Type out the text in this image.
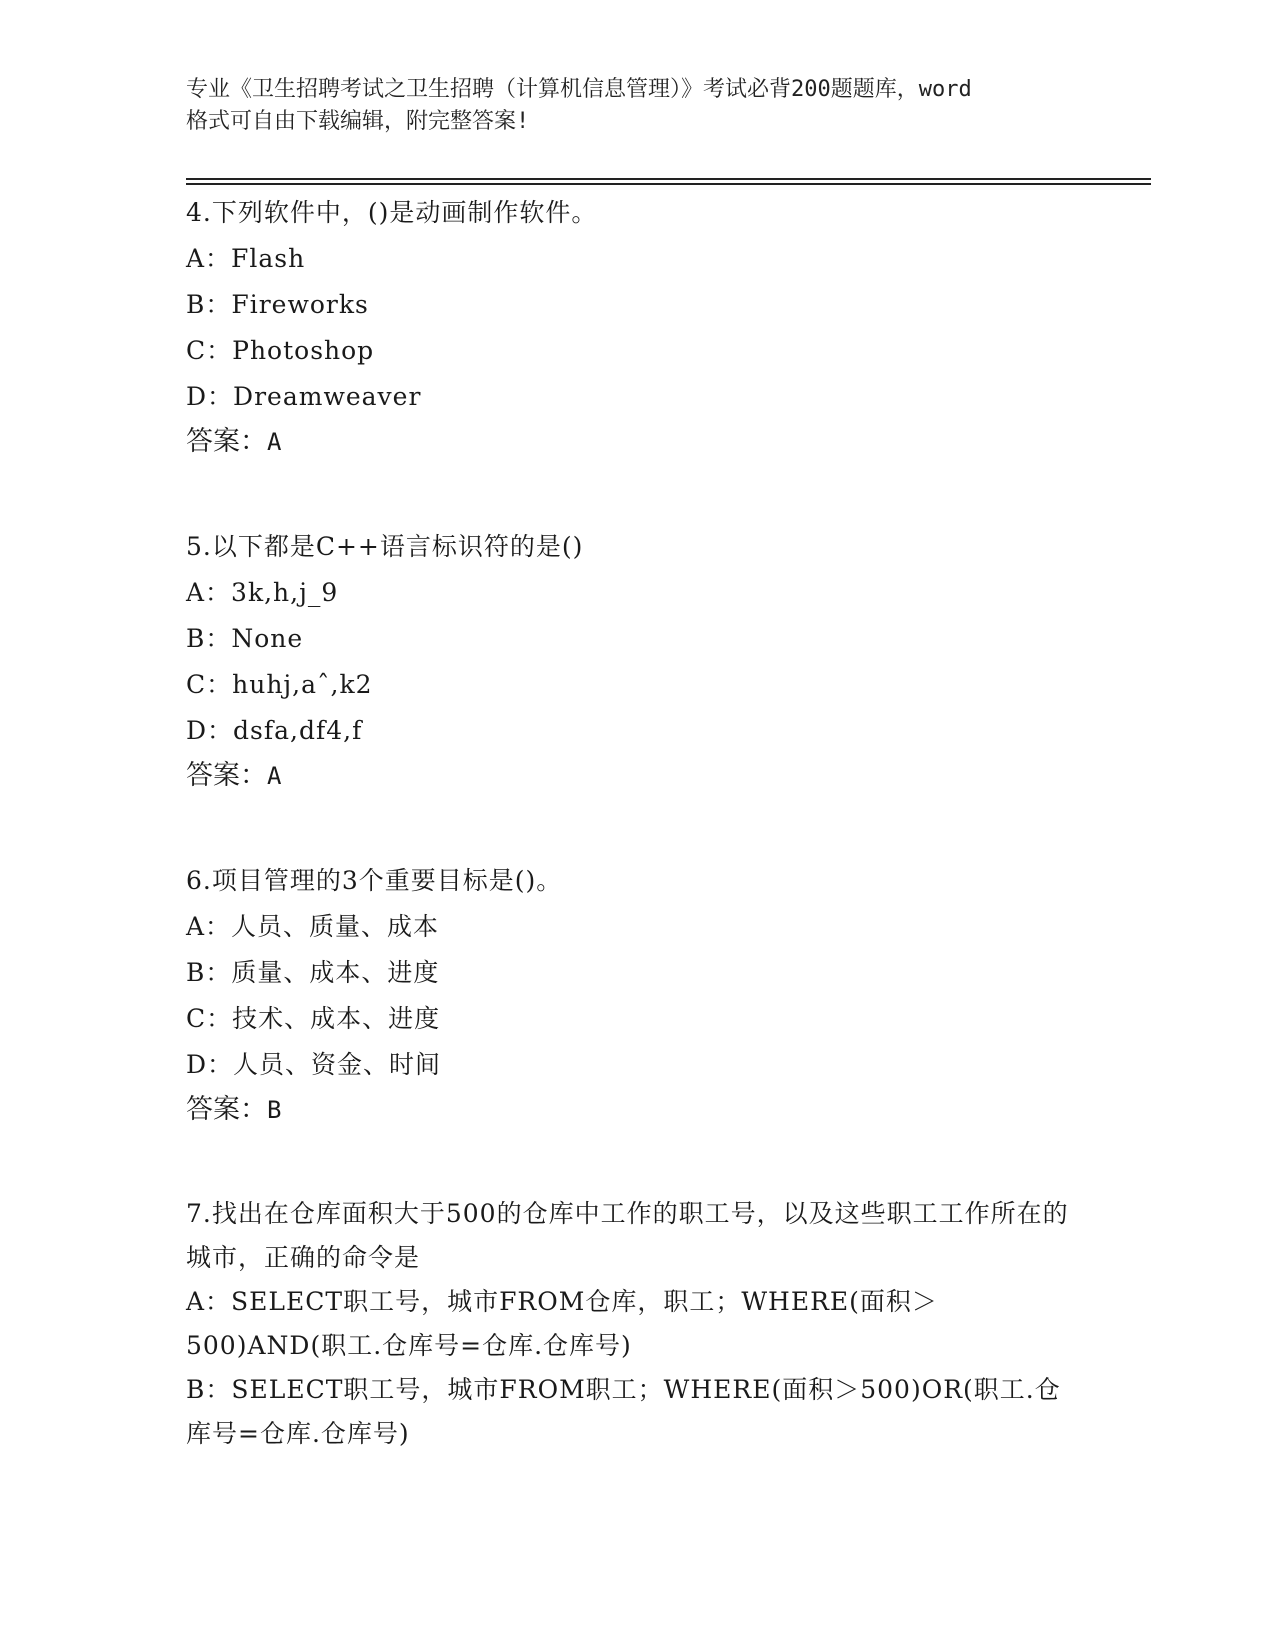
专业《卫生招聘考试之卫生招聘（计算机信息管理）》考试必背200题题库，word
格式可自由下载编辑，附完整答案!
4.下列软件中，()是动画制作软件。
A：Flash
B：Fireworks
C：Photoshop
D：Dreamweaver
答案：A
5.以下都是C++语言标识符的是()
A：3k,h,j_9
B：None
C：huhj,aˆ,k2
D：dsfa,df4,f
答案：A
6.项目管理的3个重要目标是()。
A：人员、质量、成本
B：质量、成本、进度
C：技术、成本、进度
D：人员、资金、时间
答案：B
7.找出在仓库面积大于500的仓库中工作的职工号，以及这些职工工作所在的城市，正确的命令是
A：SELECT职工号，城市FROM仓库，职工；WHERE(面积＞500)AND(职工.仓库号=仓库.仓库号)
B：SELECT职工号，城市FROM职工；WHERE(面积＞500)OR(职工.仓库号=仓库.仓库号)
